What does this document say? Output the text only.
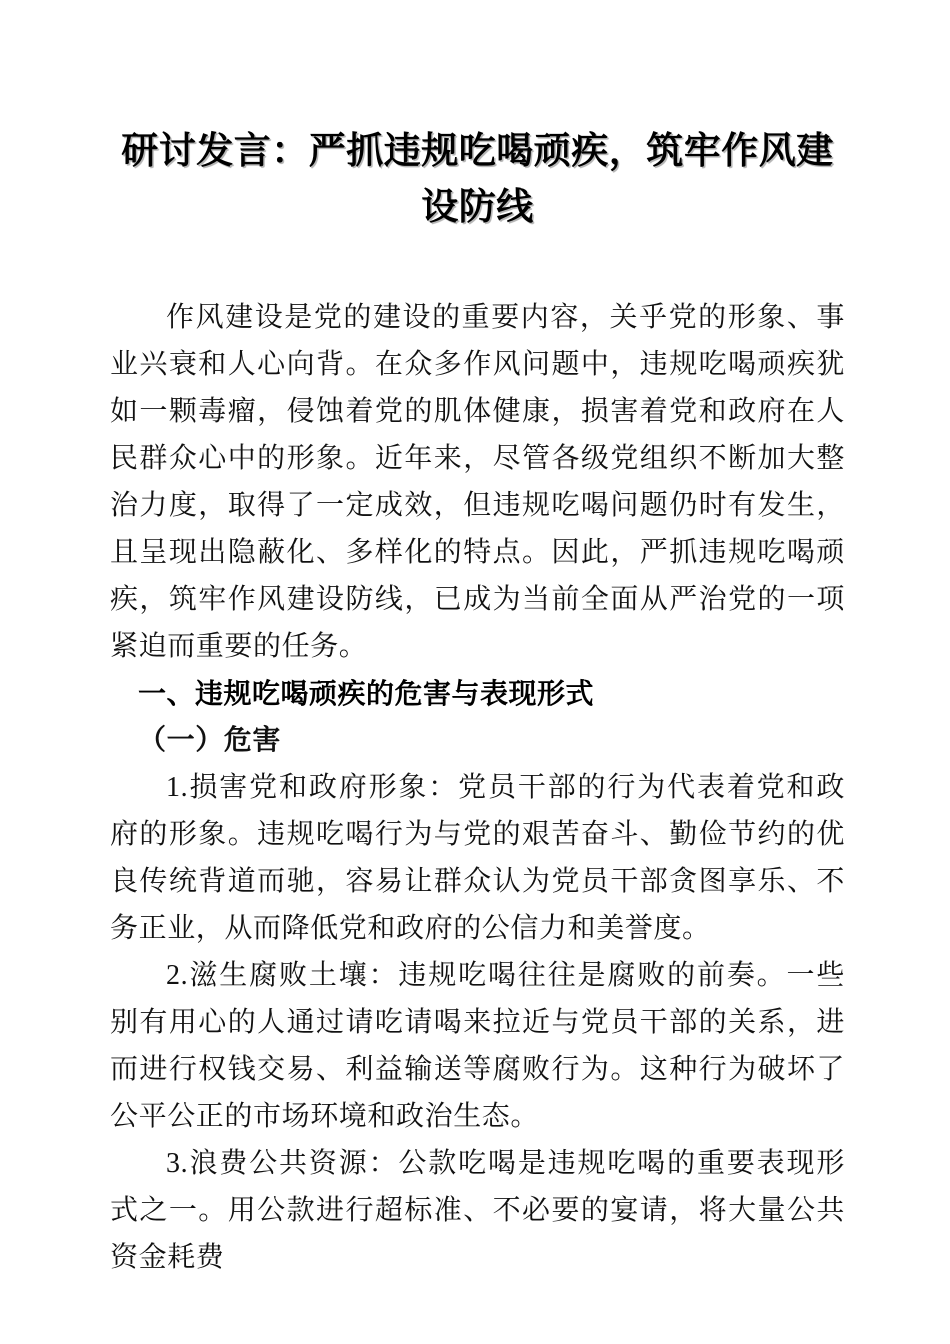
研讨发言：严抓违规吃喝顽疾，筑牢作风建设防线

作风建设是党的建设的重要内容，关乎党的形象、事业兴衰和人心向背。在众多作风问题中，违规吃喝顽疾犹如一颗毒瘤，侵蚀着党的肌体健康，损害着党和政府在人民群众心中的形象。近年来，尽管各级党组织不断加大整治力度，取得了一定成效，但违规吃喝问题仍时有发生，且呈现出隐蔽化、多样化的特点。因此，严抓违规吃喝顽疾，筑牢作风建设防线，已成为当前全面从严治党的一项紧迫而重要的任务。

一、违规吃喝顽疾的危害与表现形式
（一）危害

1.损害党和政府形象：党员干部的行为代表着党和政府的形象。违规吃喝行为与党的艰苦奋斗、勤俭节约的优良传统背道而驰，容易让群众认为党员干部贪图享乐、不务正业，从而降低党和政府的公信力和美誉度。

2.滋生腐败土壤：违规吃喝往往是腐败的前奏。一些别有用心的人通过请吃请喝来拉近与党员干部的关系，进而进行权钱交易、利益输送等腐败行为。这种行为破坏了公平公正的市场环境和政治生态。

3.浪费公共资源：公款吃喝是违规吃喝的重要表现形式之一。用公款进行超标准、不必要的宴请，将大量公共资金耗费
